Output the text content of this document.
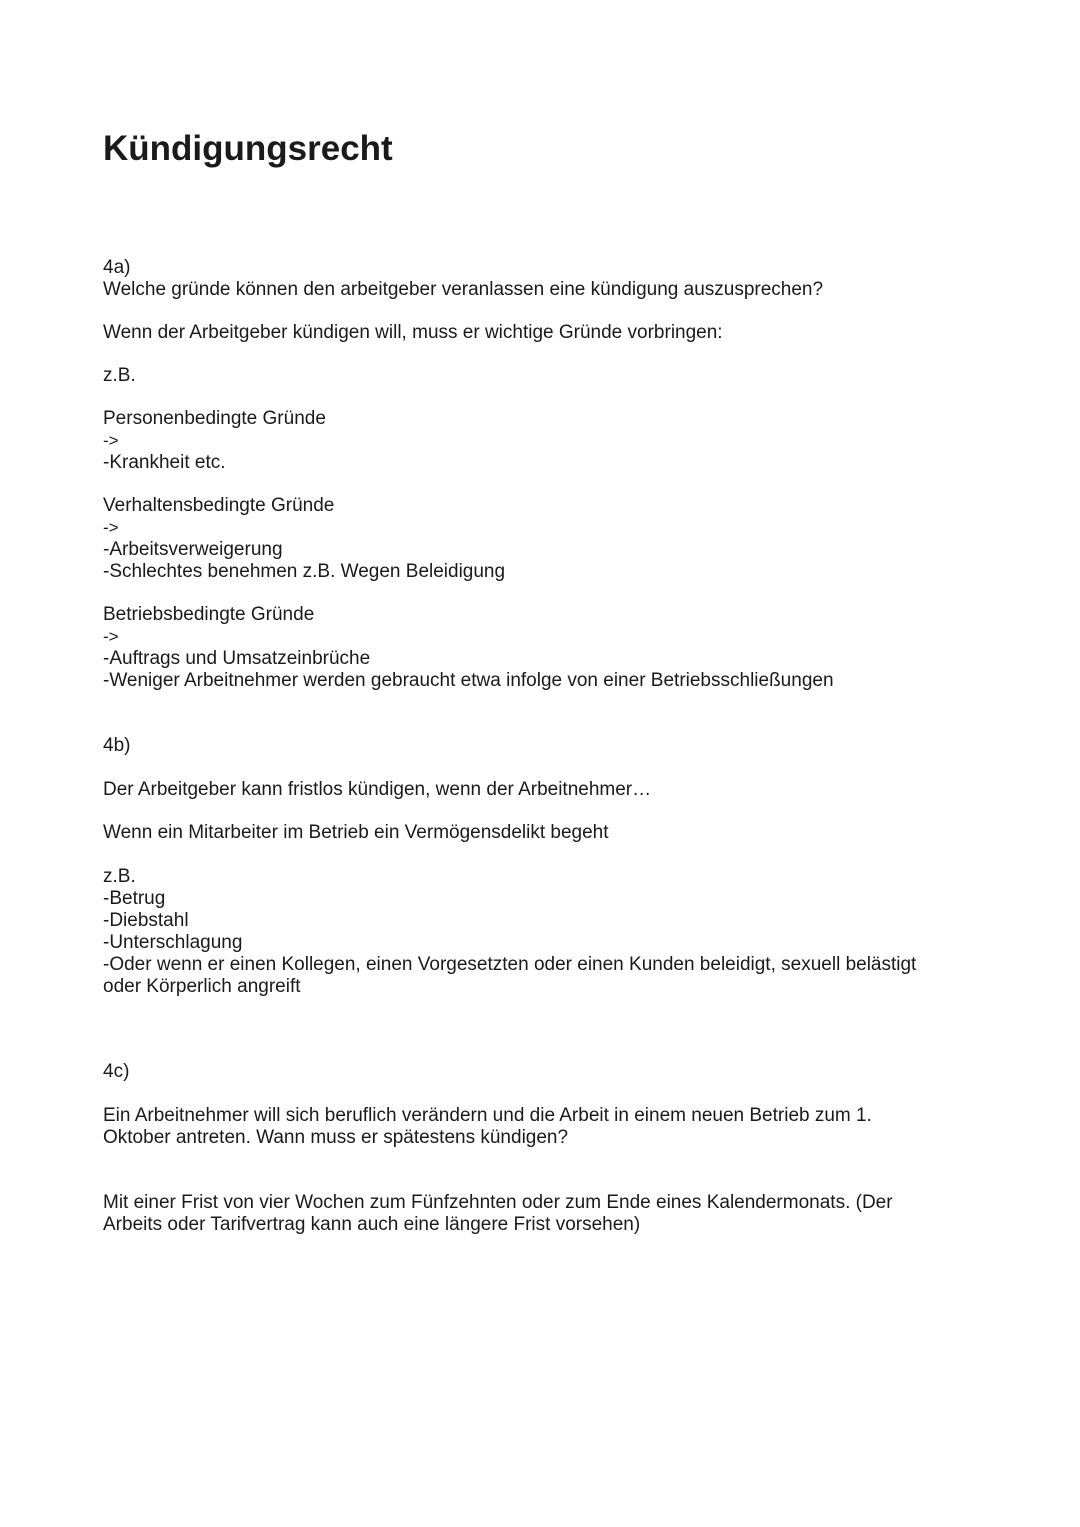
Kündigungsrecht
4a)
Welche gründe können den arbeitgeber veranlassen eine kündigung auszusprechen?
Wenn der Arbeitgeber kündigen will, muss er wichtige Gründe vorbringen:
z.B.
Personenbedingte Gründe
->
-Krankheit etc.
Verhaltensbedingte Gründe
->
-Arbeitsverweigerung
-Schlechtes benehmen z.B. Wegen Beleidigung
Betriebsbedingte Gründe
->
-Auftrags und Umsatzeinbrüche
-Weniger Arbeitnehmer werden gebraucht etwa infolge von einer Betriebsschließungen
4b)
Der Arbeitgeber kann fristlos kündigen, wenn der Arbeitnehmer…
Wenn ein Mitarbeiter im Betrieb ein Vermögensdelikt begeht
z.B.
-Betrug
-Diebstahl
-Unterschlagung
-Oder wenn er einen Kollegen, einen Vorgesetzten oder einen Kunden beleidigt, sexuell belästigt
oder Körperlich angreift
4c)
Ein Arbeitnehmer will sich beruflich verändern und die Arbeit in einem neuen Betrieb zum 1.
Oktober antreten. Wann muss er spätestens kündigen?
Mit einer Frist von vier Wochen zum Fünfzehnten oder zum Ende eines Kalendermonats. (Der
Arbeits oder Tarifvertrag kann auch eine längere Frist vorsehen)
